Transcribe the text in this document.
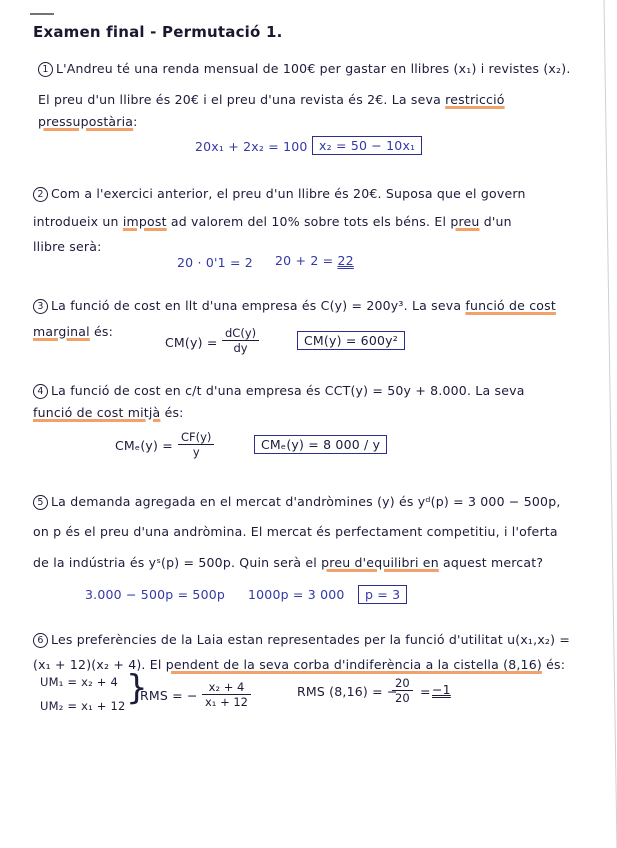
Examen final - Permutació 1.
1 L'Andreu té una renda mensual de 100€ per gastar en llibres (x₁) i revistes (x₂).
El preu d'un llibre és 20€ i el preu d'una revista és 2€. La seva restricció
pressupostària:
20x₁ + 2x₂ = 100 x₂ = 50 − 10x₁
2 Com a l'exercici anterior, el preu d'un llibre és 20€. Suposa que el govern
introdueix un impost ad valorem del 10% sobre tots els béns. El preu d'un
llibre serà:
20 · 0'1 = 2 20 + 2 = 22
3 La funció de cost en llt d'una empresa és C(y) = 200y³. La seva funció de cost
marginal és:
$CM(y) = \frac{dC(y)}{dy}$	CM(y) = 600y²
4 La funció de cost en c/t d'una empresa és CCT(y) = 50y + 8.000. La seva
funció de cost mitjà és:
$CM_e(y) = \frac{CF(y)}{y}$	CMₑ(y) = 8 000 / y
5 La demanda agregada en el mercat d'andròmines (y) és yᵈ(p) = 3 000 − 500p,
on p és el preu d'una andròmina. El mercat és perfectament competitiu, i l'oferta
de la indústria és yˢ(p) = 500p. Quin serà el preu d'equilibri en aquest mercat?
3.000 − 500p = 500p 1000p = 3 000	p = 3
6 Les preferències de la Laia estan representades per la funció d'utilitat u(x₁,x₂) =
(x₁ + 12)(x₂ + 4). El pendent de la seva corba d'indiferència a la cistella (8,16) és:
UM₁ = x₂ + 4
UM₂ = x₁ + 12 }
RMS = − $\frac{\text{x₂ + 4}}{\text{x₁ + 12}}$	RMS (8,16) = −
$\frac{20}{20} = -1$
